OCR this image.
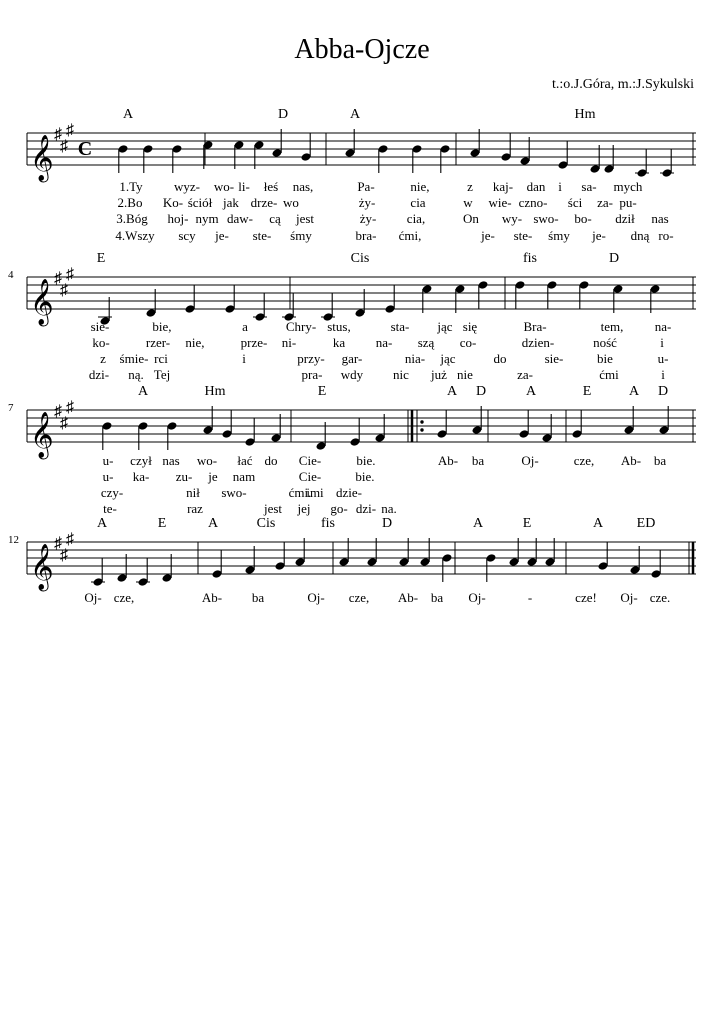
Abba-Ojcze
t.:o.J.Góra, m.:J.Sykulski
𝄞
♯
♯
♯
C
A	D	A	Hm
1.Ty wyz- wo- li- łeś nas,	Pa-	nie,	z kaj- dan i sa- mych
2.Bo Ko- ściół jak drze- wo	ży-	cia	w wie- czno- ści za- pu-
3.Bóg hoj- nym daw- cą jest	ży- cia,	On wy- swo- bo- dził nas
4.Wszy scy je- ste- śmy	bra- ćmi,	je- ste- śmy je- dną ro-
𝄞
♯
♯
♯
4
E	Cis	fis	D
sie-	bie,	a	Chry- stus,	sta- jąc się	Bra-	tem, na-
ko-	rzer- nie,	prze- ni-	ka na- szą co-	dzien-	ność	i
z śmie- rci	i	przy- gar-	nia- jąc	do	sie-	bie	u-
dzi- ną. Tej	pra- wdy nic już nie	za-	ćmi	i
𝄞
♯
♯
♯
7
A	Hm	E	A D	A	E	A D
u- czył nas wo- łać do Cie-	bie.	Ab- ba	Oj-	cze, Ab- ba
u- ka- zu- je nam	Cie-	bie.
czy-	nił swo-	imi dzie-
ćmi.
te-	raz	jest jej go- dzi- na.
𝄞
♯
♯
♯
12
A	E	A	Cis	fis	D	A	E	A ED
Oj- cze,	Ab- ba	Oj- cze, Ab- ba Oj-	-	cze! Oj- cze.
